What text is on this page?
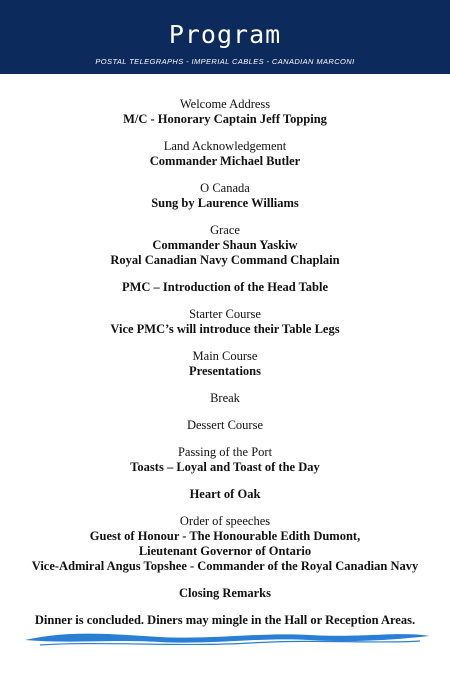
Program
POSTAL TELEGRAPHS - IMPERIAL CABLES - CANADIAN MARCONI
Welcome Address
M/C - Honorary Captain Jeff Topping
Land Acknowledgement
Commander Michael Butler
O Canada
Sung by Laurence Williams
Grace
Commander Shaun Yaskiw
Royal Canadian Navy Command Chaplain
PMC – Introduction of the Head Table
Starter Course
Vice PMC’s will introduce their Table Legs
Main Course
Presentations
Break
Dessert Course
Passing of the Port
Toasts – Loyal and Toast of the Day
Heart of Oak
Order of speeches
Guest of Honour - The Honourable Edith Dumont,
Lieutenant Governor of Ontario
Vice-Admiral Angus Topshee - Commander of the Royal Canadian Navy
Closing Remarks
Dinner is concluded. Diners may mingle in the Hall or Reception Areas.
